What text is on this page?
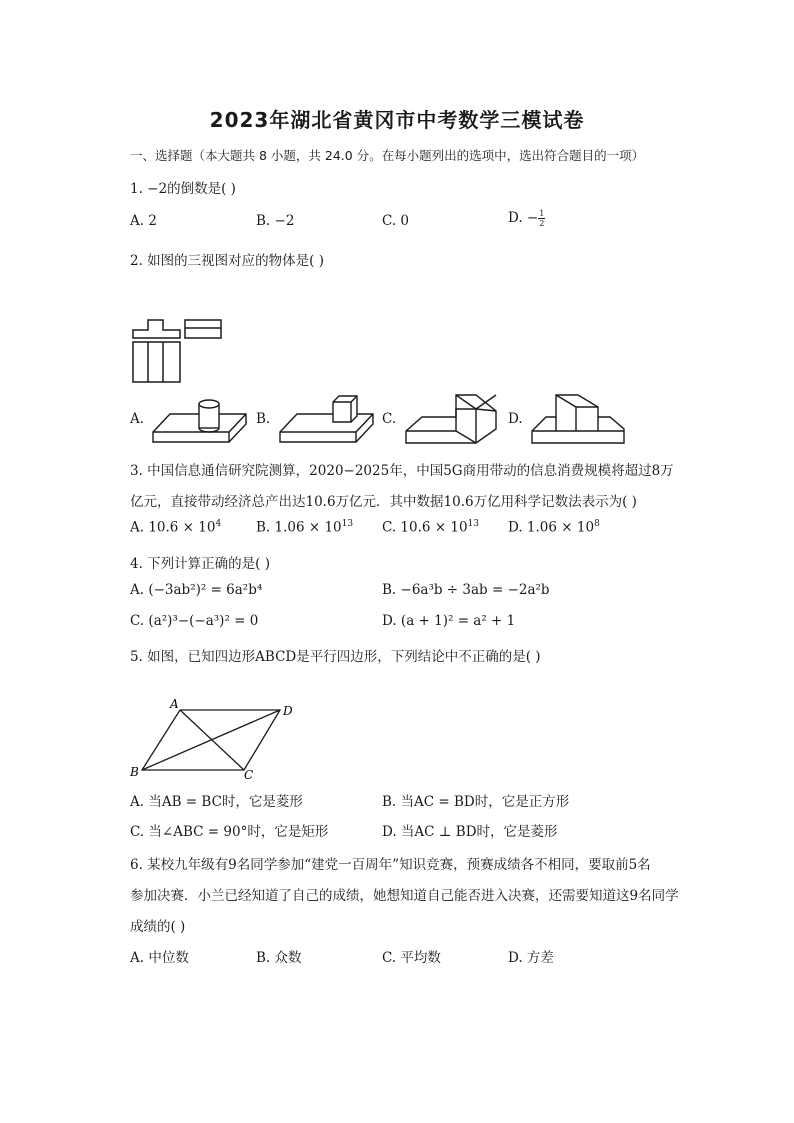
2023年湖北省黄冈市中考数学三模试卷
一、选择题（本大题共 8 小题，共 24.0 分。在每小题列出的选项中，选出符合题目的一项）
1. −2的倒数是( )
A. 2	B. −2	C. 0	D. − $\frac{1}{2}$
2. 如图的三视图对应的物体是( )
A.	B.	C.	D.
3. 中国信息通信研究院测算，2020−2025年，中国5G商用带动的信息消费规模将超过8万
亿元，直接带动经济总产出达10.6万亿元．其中数据10.6万亿用科学记数法表示为( )
A. $10.6 \times 10^4$	B. $1.06 \times 10^{13}$ C. $10.6 \times 10^{13}$ D. $1.06 \times 10^8$
4. 下列计算正确的是( )
A. (−3ab²)² = 6a²b⁴	B. −6a³b ÷ 3ab = −2a²b
C. (a²)³−(−a³)² = 0	D. (a + 1)² = a² + 1
5. 如图，已知四边形ABCD是平行四边形，下列结论中不正确的是( )
A	D
B	C
A. 当AB = BC时，它是菱形	B. 当AC = BD时，它是正方形
C. 当∠ABC = 90°时，它是矩形	D. 当AC ⊥ BD时，它是菱形
6. 某校九年级有9名同学参加“建党一百周年”知识竞赛，预赛成绩各不相同，要取前5名
参加决赛．小兰已经知道了自己的成绩，她想知道自己能否进入决赛，还需要知道这9名同学
成绩的( )
A. 中位数	B. 众数	C. 平均数	D. 方差
